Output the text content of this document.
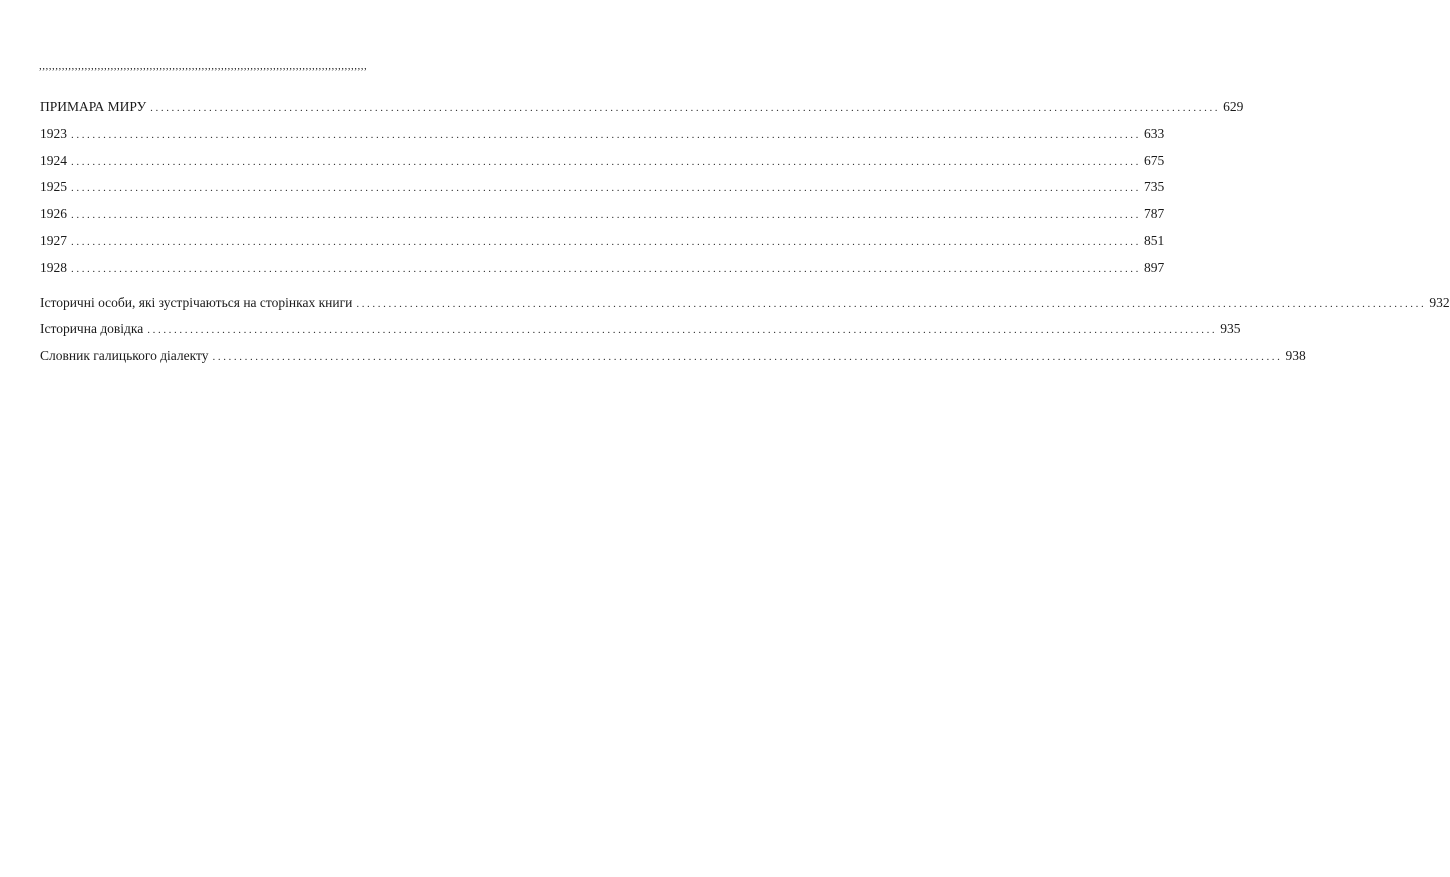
,,,,,,,,,,,,,,,,,,,,,,,,,,,,,,,,,,,,,,,,,,,,,,,,,,,,,,,,,,,,,,,,,,,,,,,,,,,,,,,,,,,,,,,,,,,,,,,,,,,,,
ПРИМАРА МИРУ ........................................................................................................................................................................................................ 629
1923 ........................................................................................................................................................................................................ 633
1924 ........................................................................................................................................................................................................ 675
1925 ........................................................................................................................................................................................................ 735
1926 ........................................................................................................................................................................................................ 787
1927 ........................................................................................................................................................................................................ 851
1928 ........................................................................................................................................................................................................ 897
Історичні особи, які зустрічаються на сторінках книги ........................................................................................................................................................................................................ 932
Історична довідка ........................................................................................................................................................................................................ 935
Словник галицького діалекту ........................................................................................................................................................................................................ 938
